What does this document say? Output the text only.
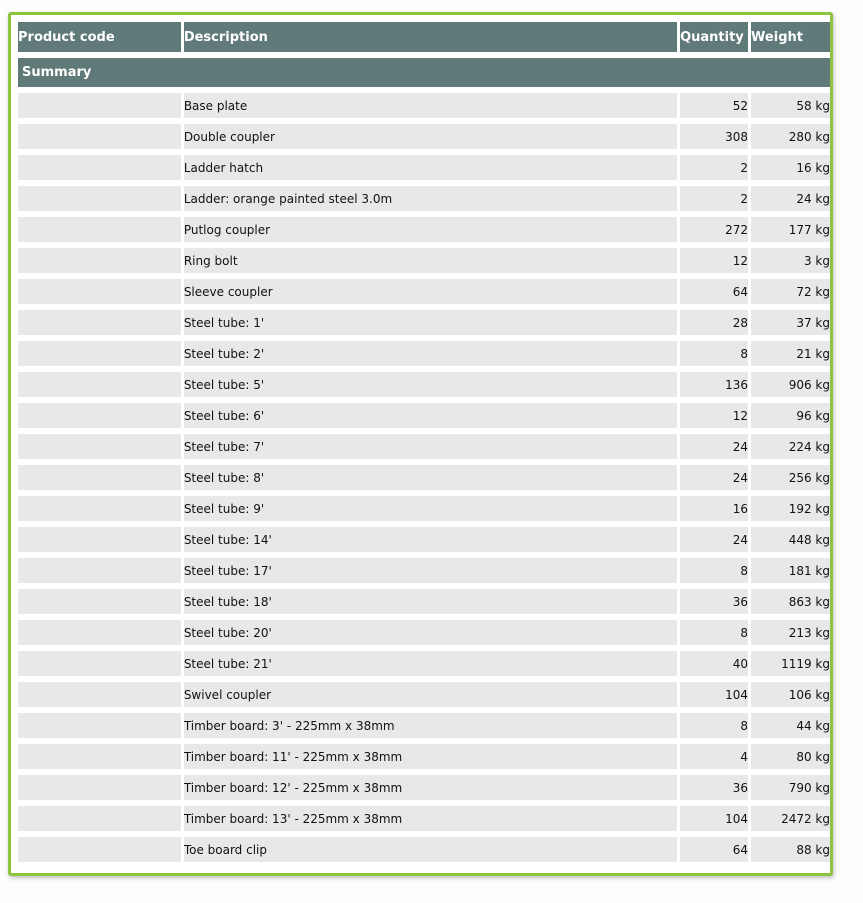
Product code	Description	Quantity	Weight
Summary			
	Base plate	52	58 kg
	Double coupler	308	280 kg
	Ladder hatch	2	16 kg
	Ladder: orange painted steel 3.0m	2	24 kg
	Putlog coupler	272	177 kg
	Ring bolt	12	3 kg
	Sleeve coupler	64	72 kg
	Steel tube: 1'	28	37 kg
	Steel tube: 2'	8	21 kg
	Steel tube: 5'	136	906 kg
	Steel tube: 6'	12	96 kg
	Steel tube: 7'	24	224 kg
	Steel tube: 8'	24	256 kg
	Steel tube: 9'	16	192 kg
	Steel tube: 14'	24	448 kg
	Steel tube: 17'	8	181 kg
	Steel tube: 18'	36	863 kg
	Steel tube: 20'	8	213 kg
	Steel tube: 21'	40	1119 kg
	Swivel coupler	104	106 kg
	Timber board: 3' - 225mm x 38mm	8	44 kg
	Timber board: 11' - 225mm x 38mm	4	80 kg
	Timber board: 12' - 225mm x 38mm	36	790 kg
	Timber board: 13' - 225mm x 38mm	104	2472 kg
	Toe board clip	64	88 kg
